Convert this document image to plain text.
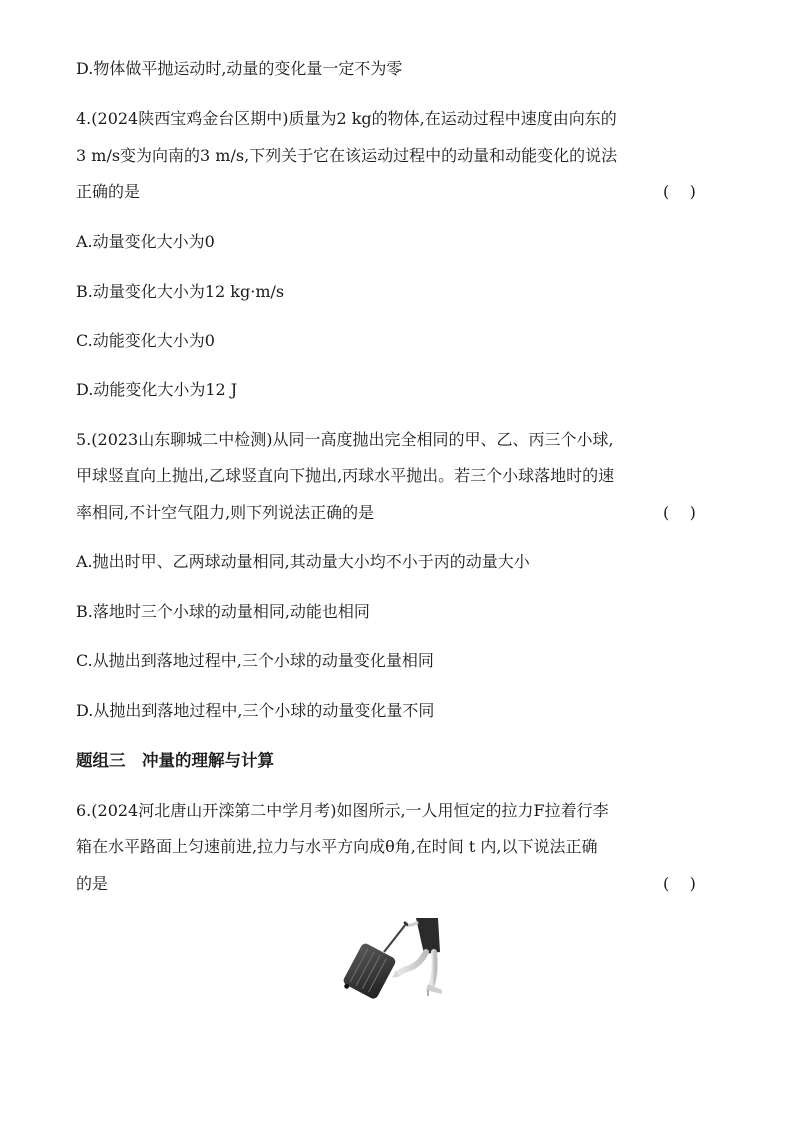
D.物体做平抛运动时,动量的变化量一定不为零
4.(2024陕西宝鸡金台区期中)质量为2 kg的物体,在运动过程中速度由向东的
3 m/s变为向南的3 m/s,下列关于它在该运动过程中的动量和动能变化的说法
正确的是	(    )
A.动量变化大小为0
B.动量变化大小为12 kg·m/s
C.动能变化大小为0
D.动能变化大小为12 J
5.(2023山东聊城二中检测)从同一高度抛出完全相同的甲、乙、丙三个小球,
甲球竖直向上抛出,乙球竖直向下抛出,丙球水平抛出。若三个小球落地时的速
率相同,不计空气阻力,则下列说法正确的是	(    )
A.抛出时甲、乙两球动量相同,其动量大小均不小于丙的动量大小
B.落地时三个小球的动量相同,动能也相同
C.从抛出到落地过程中,三个小球的动量变化量相同
D.从抛出到落地过程中,三个小球的动量变化量不同
题组三　冲量的理解与计算
6.(2024河北唐山开滦第二中学月考)如图所示,一人用恒定的拉力F拉着行李
箱在水平路面上匀速前进,拉力与水平方向成θ角,在时间 t 内,以下说法正确
的是	(    )
